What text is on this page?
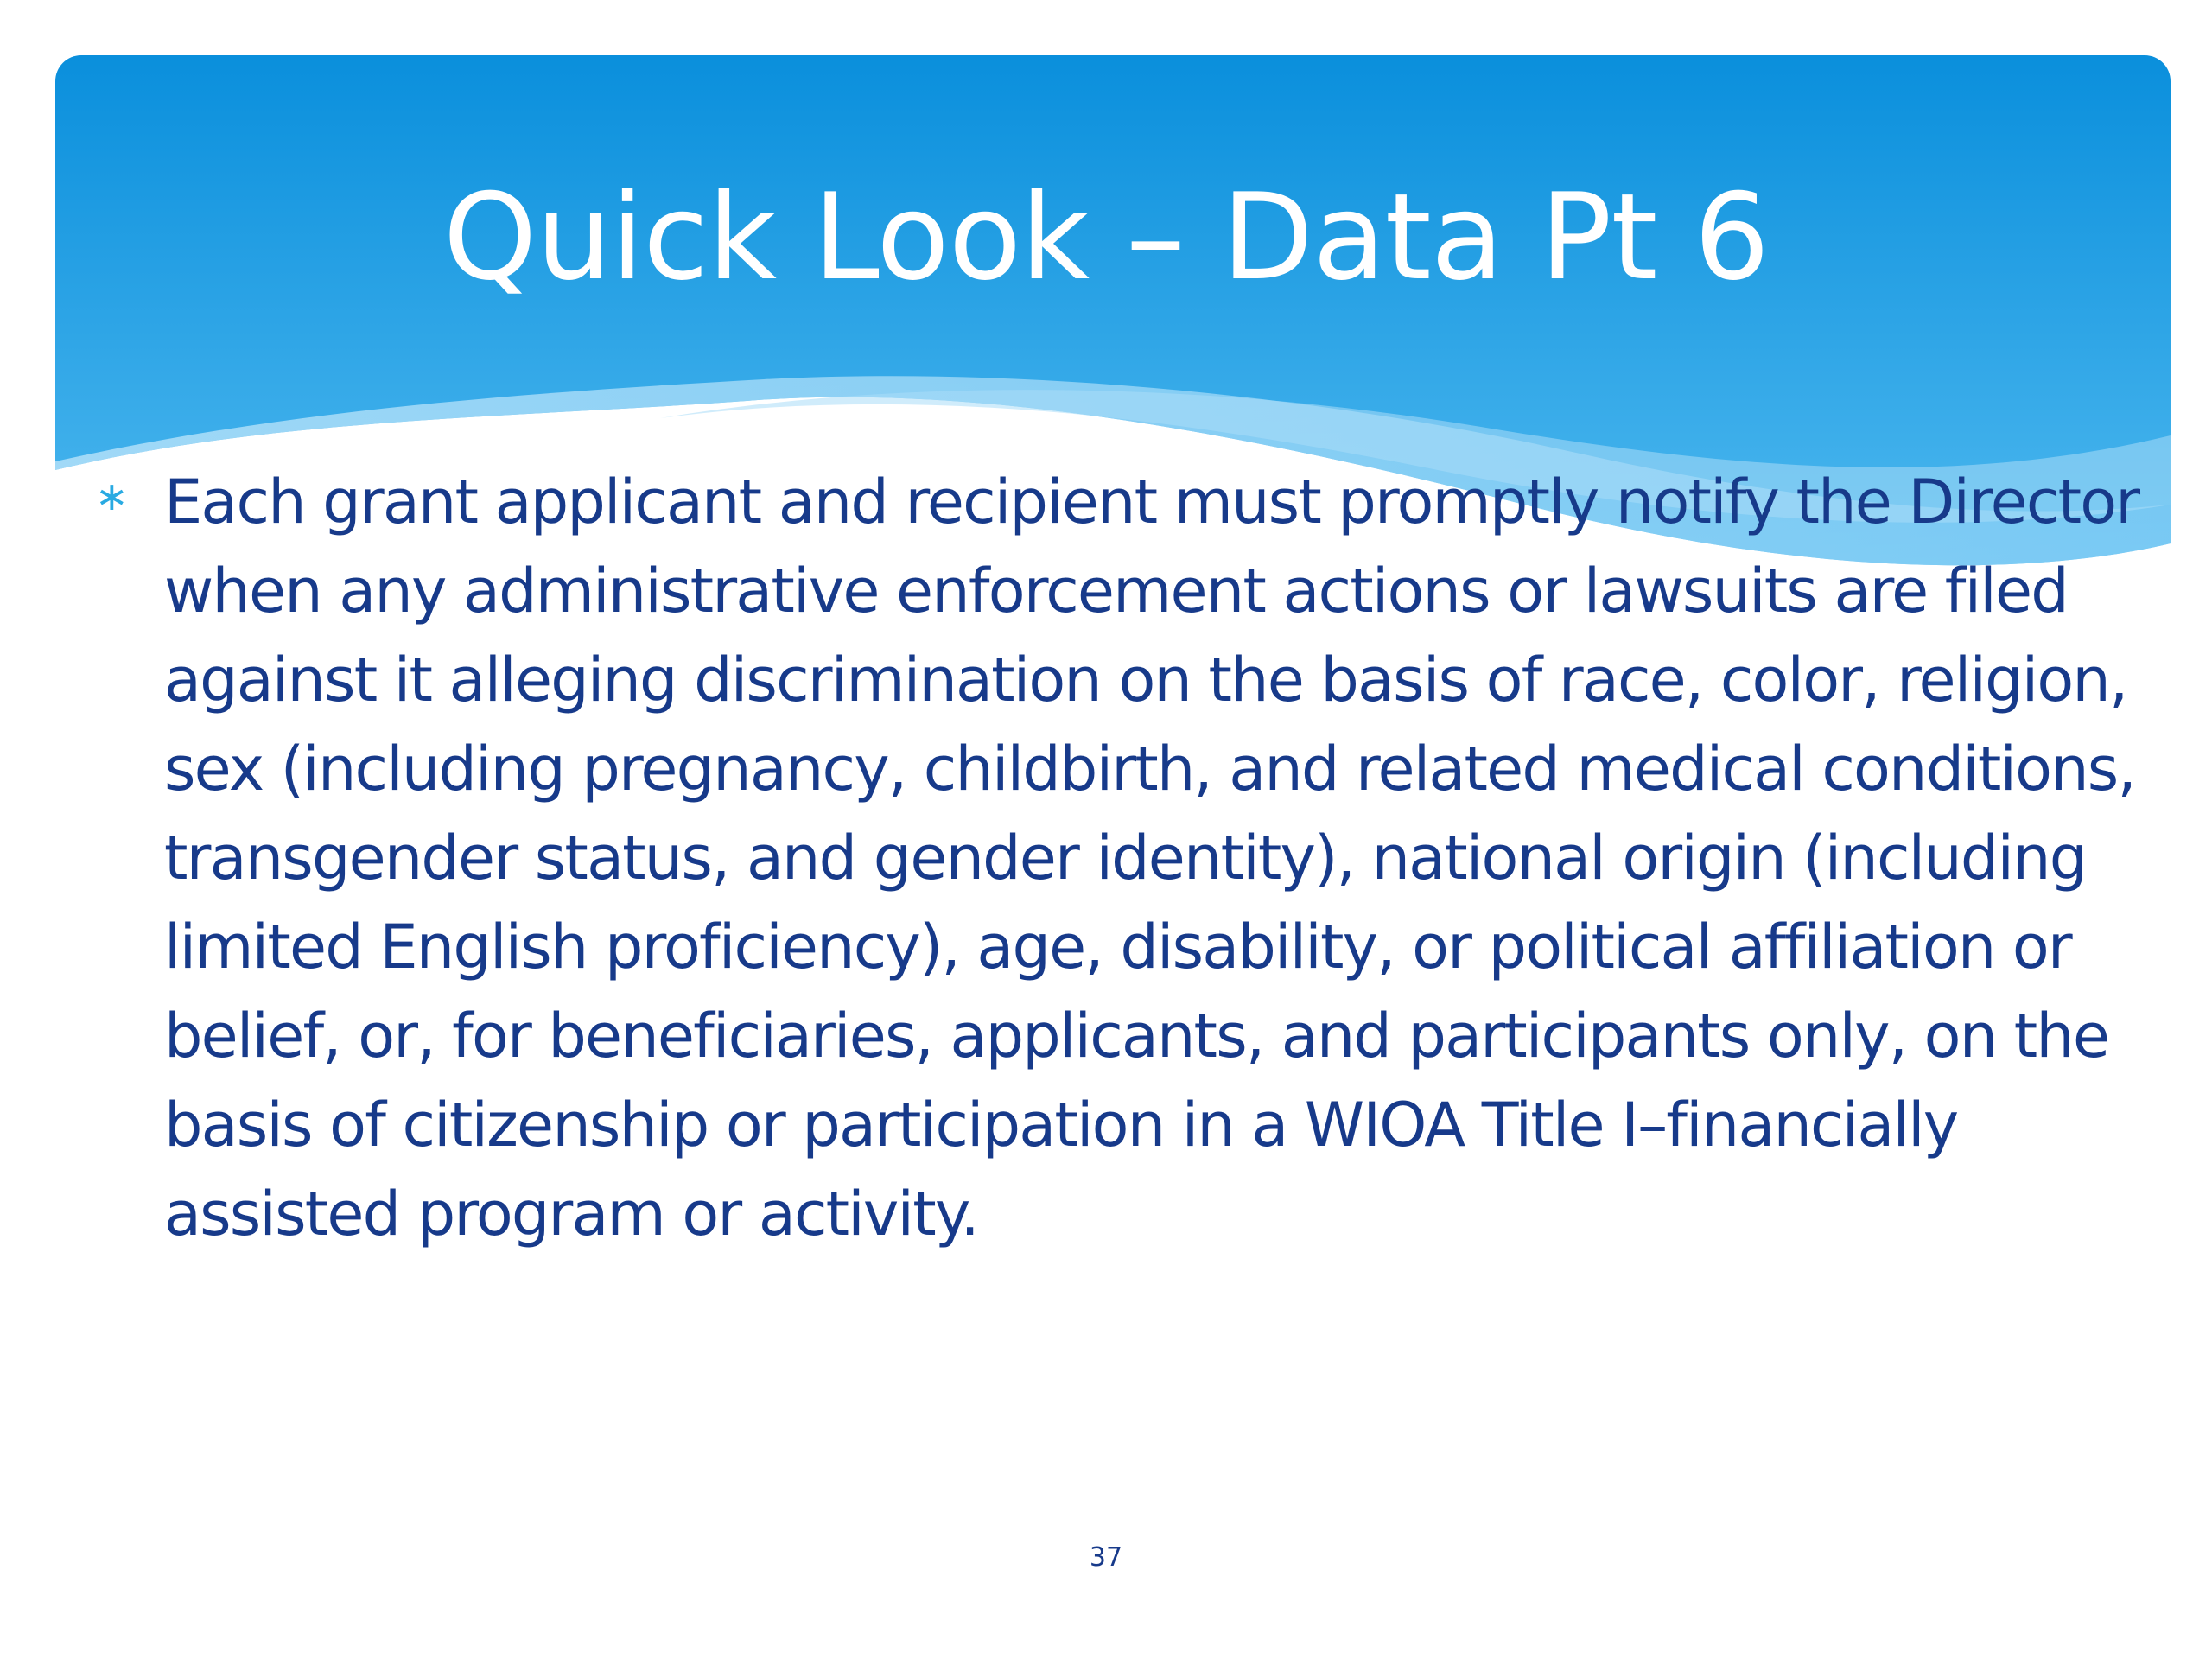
Quick Look – Data Pt 6
∗ Each grant applicant and recipient must promptly notify the Director when any administrative enforcement actions or lawsuits are filed against it alleging discrimination on the basis of race, color, religion, sex (including pregnancy, childbirth, and related medical conditions, transgender status, and gender identity), national origin (including limited English proficiency), age, disability, or political affiliation or belief, or, for beneficiaries, applicants, and participants only, on the basis of citizenship or participation in a WIOA Title I–financially assisted program or activity.

37
